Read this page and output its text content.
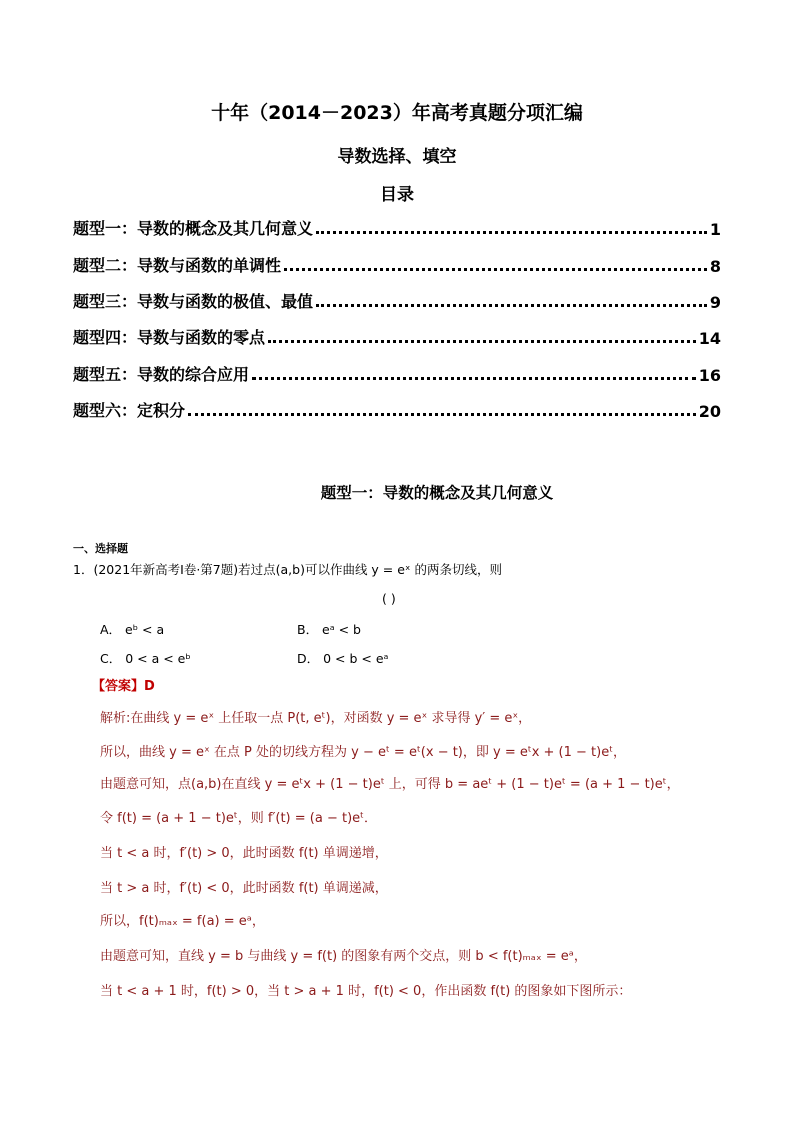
十年（2014－2023）年高考真题分项汇编
导数选择、填空
目录
题型一：导数的概念及其几何意义	1
题型二：导数与函数的单调性	8
题型三：导数与函数的极值、最值	9
题型四：导数与函数的零点	14
题型五：导数的综合应用	16
题型六：定积分	20
题型一：导数的概念及其几何意义
一、选择题
1．(2021年新高考Ⅰ卷·第7题)若过点(a,b)可以作曲线 y = eˣ 的两条切线，则
( )
A． eᵇ < a	B． eᵃ < b
C． 0 < a < eᵇ	D． 0 < b < eᵃ
【答案】D
解析:在曲线 y = eˣ 上任取一点 P(t, eᵗ)，对函数 y = eˣ 求导得 y′ = eˣ，
所以，曲线 y = eˣ 在点 P 处的切线方程为 y − eᵗ = eᵗ(x − t)，即 y = eᵗx + (1 − t)eᵗ，
由题意可知，点(a,b)在直线 y = eᵗx + (1 − t)eᵗ 上，可得 b = aeᵗ + (1 − t)eᵗ = (a + 1 − t)eᵗ，
令 f(t) = (a + 1 − t)eᵗ，则 f′(t) = (a − t)eᵗ．
当 t < a 时，f′(t) > 0，此时函数 f(t) 单调递增，
当 t > a 时，f′(t) < 0，此时函数 f(t) 单调递减，
所以，f(t)ₘₐₓ = f(a) = eᵃ，
由题意可知，直线 y = b 与曲线 y = f(t) 的图象有两个交点，则 b < f(t)ₘₐₓ = eᵃ，
当 t < a + 1 时，f(t) > 0，当 t > a + 1 时，f(t) < 0，作出函数 f(t) 的图象如下图所示：
